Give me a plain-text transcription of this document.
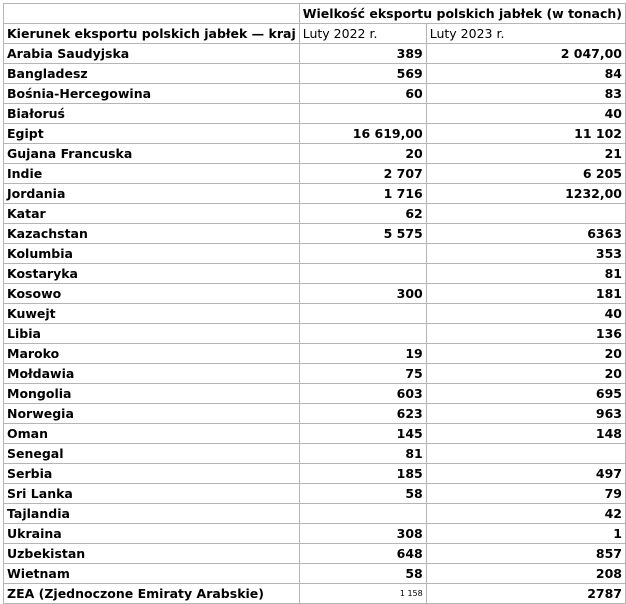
	Wielkość eksportu polskich jabłek (w tonach)	
Kierunek eksportu polskich jabłek — kraj	Luty 2022 r.	Luty 2023 r.
Arabia Saudyjska	389	2 047,00
Bangladesz	569	84
Bośnia-Hercegowina	60	83
Białoruś		40
Egipt	16 619,00	11 102
Gujana Francuska	20	21
Indie	2 707	6 205
Jordania	1 716	1232,00
Katar	62	
Kazachstan	5 575	6363
Kolumbia		353
Kostaryka		81
Kosowo	300	181
Kuwejt		40
Libia		136
Maroko	19	20
Mołdawia	75	20
Mongolia	603	695
Norwegia	623	963
Oman	145	148
Senegal	81	
Serbia	185	497
Sri Lanka	58	79
Tajlandia		42
Ukraina	308	1
Uzbekistan	648	857
Wietnam	58	208
ZEA (Zjednoczone Emiraty Arabskie)	1 158	2787
